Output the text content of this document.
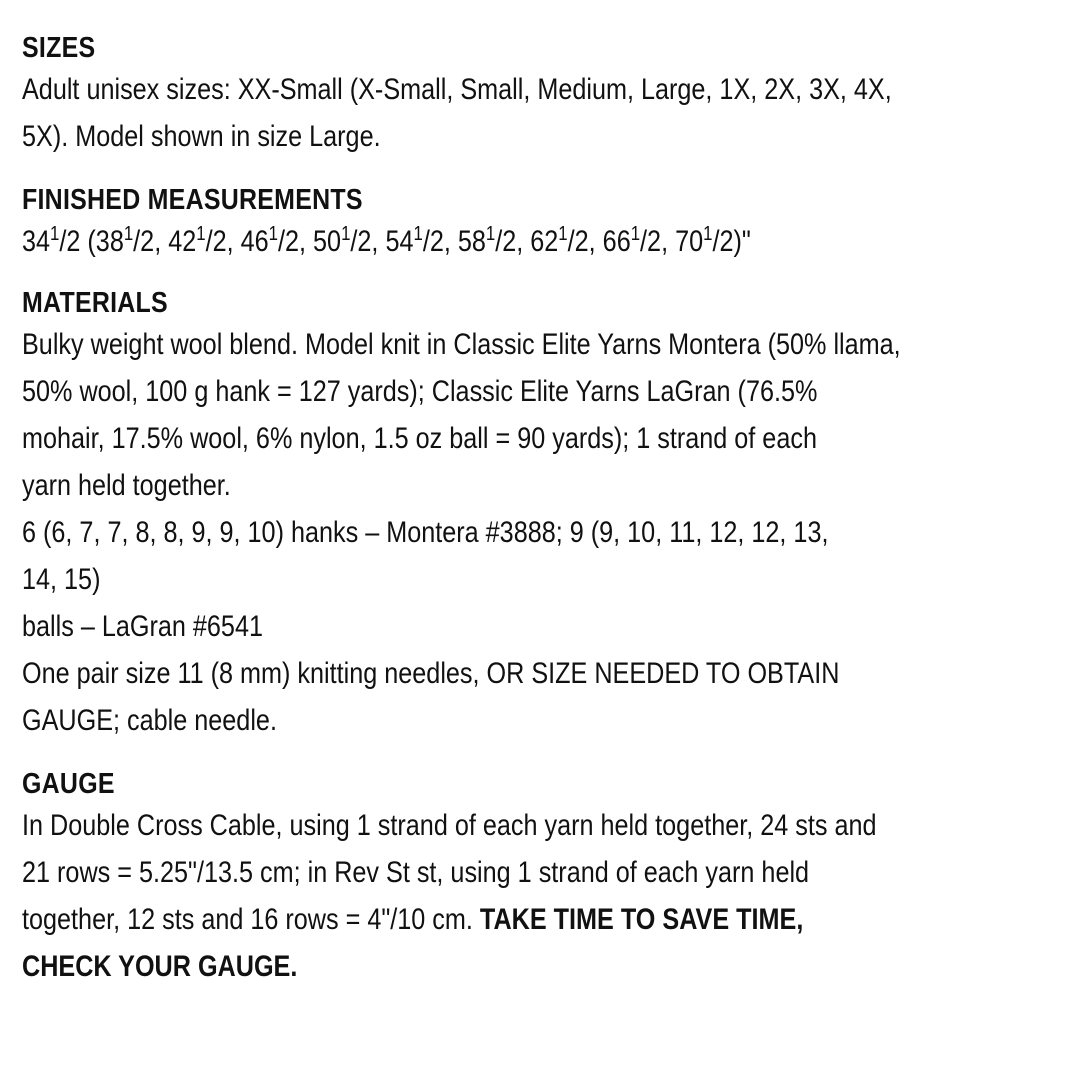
SIZES
Adult unisex sizes: XX-Small (X-Small, Small, Medium, Large, 1X, 2X, 3X, 4X,
5X). Model shown in size Large.
FINISHED MEASUREMENTS
$34^1/2$ ($38^1/2$, $42^1/2$, $46^1/2$, $50^1/2$, $54^1/2$, $58^1/2$, $62^1/2$, $66^1/2$, $70^1/2$)"
MATERIALS
Bulky weight wool blend. Model knit in Classic Elite Yarns Montera (50% llama,
50% wool, 100 g hank = 127 yards); Classic Elite Yarns LaGran (76.5%
mohair, 17.5% wool, 6% nylon, 1.5 oz ball = 90 yards); 1 strand of each
yarn held together.
6 (6, 7, 7, 8, 8, 9, 9, 10) hanks – Montera #3888; 9 (9, 10, 11, 12, 12, 13,
14, 15)
balls – LaGran #6541
One pair size 11 (8 mm) knitting needles, OR SIZE NEEDED TO OBTAIN
GAUGE; cable needle.
GAUGE
In Double Cross Cable, using 1 strand of each yarn held together, 24 sts and
21 rows = 5.25"/13.5 cm; in Rev St st, using 1 strand of each yarn held
together, 12 sts and 16 rows = 4"/10 cm. TAKE TIME TO SAVE TIME,
CHECK YOUR GAUGE.
